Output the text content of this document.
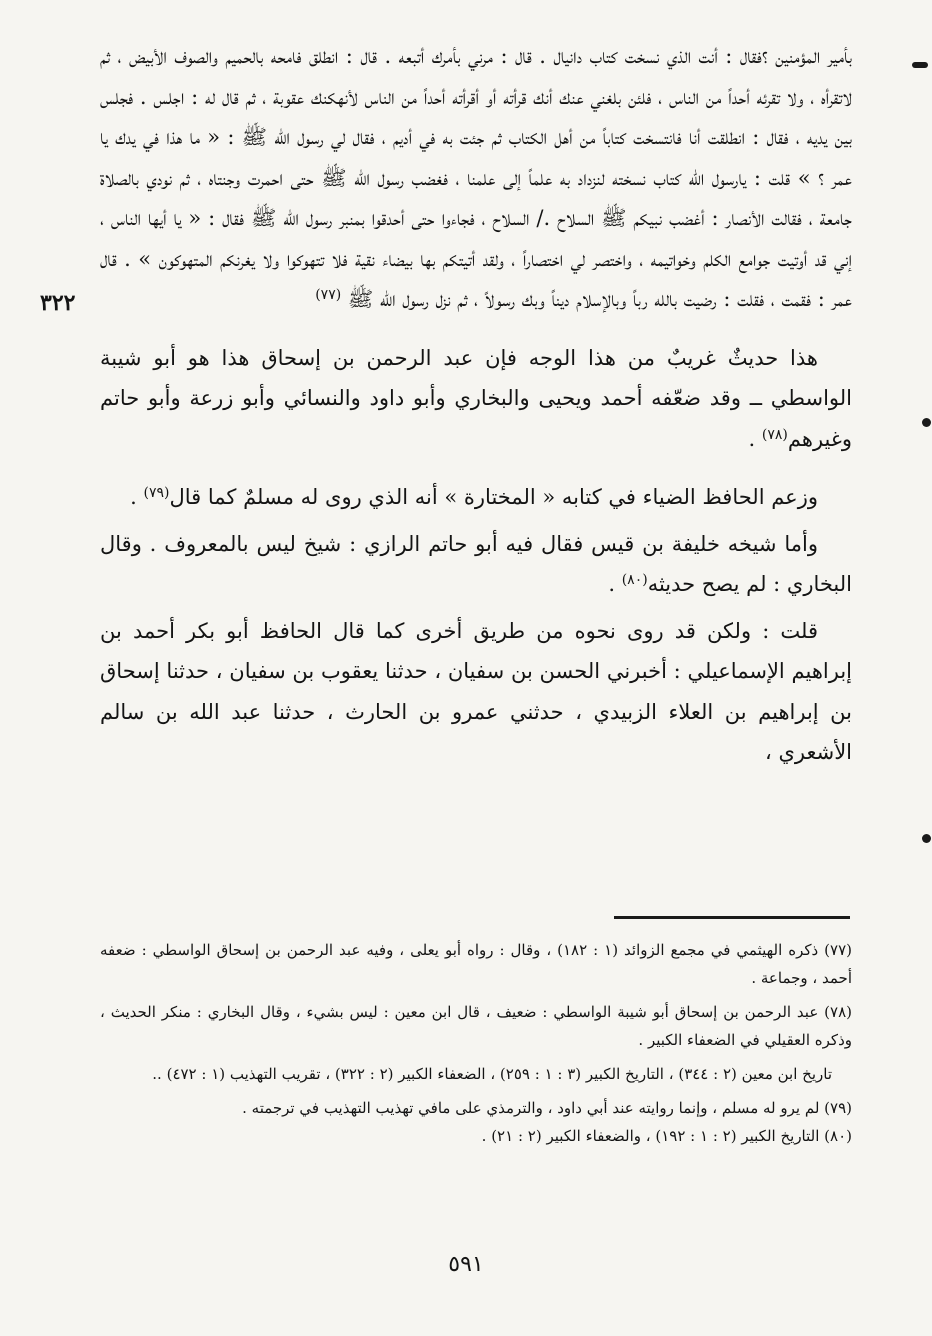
٣٢٢

بأمير المؤمنين ؟فقال : أنت الذي نسخت كتاب دانيال . قال : مرني بأمرك أتبعه . قال : انطلق فامحه بالحميم والصوف الأبيض ، ثم لاتقرأه ، ولا تقرئه أحداً من الناس ، فلئن بلغني عنك أنك قرأته أو أقرأته أحداً من الناس لأنهكنك عقوبة ، ثم قال له : اجلس . فجلس بين يديه ، فقال : انطلقت أنا فانتسخت كتاباً من أهل الكتاب ثم جئت به في أديم ، فقال لي رسول الله ﷺ : « ما هذا في يدك يا عمر ؟ » قلت : يارسول الله كتاب نسخته لنزداد به علماً إلى علمنا ، فغضب رسول الله ﷺ حتى احمرت وجنتاه ، ثم نودي بالصلاة جامعة ، فقالت الأنصار : أغضب نبيكم ﷺ السلاح ./ السلاح ، فجاءوا حتى أحدقوا بمنبر رسول الله ﷺ فقال : « يا أيها الناس ، إني قد أوتيت جوامع الكلم وخواتيمه ، واختصر لي اختصاراً ، ولقد أتيتكم بها بيضاء نقية فلا تتهوكوا ولا يغرنكم المتهوكون » . قال عمر : فقمت ، فقلت : رضيت بالله رباً وبالإسلام ديناً وبك رسولاً ، ثم نزل رسول الله ﷺ $^{(٧٧)}$

هذا حديثٌ غريبٌ من هذا الوجه فإن عبد الرحمن بن إسحاق هذا هو أبو شيبة الواسطي ــ وقد ضعّفه أحمد ويحيى والبخاري وأبو داود والنسائي وأبو زرعة وأبو حاتم وغيرهم$^{(٧٨)}$ .

وزعم الحافظ الضياء في كتابه « المختارة » أنه الذي روى له مسلمٌ كما قال$^{(٧٩)}$ .

وأما شيخه خليفة بن قيس فقال فيه أبو حاتم الرازي : شيخ ليس بالمعروف . وقال البخاري : لم يصح حديثه$^{(٨٠)}$ .

قلت : ولكن قد روى نحوه من طريق أخرى كما قال الحافظ أبو بكر أحمد بن إبراهيم الإسماعيلي : أخبرني الحسن بن سفيان ، حدثنا يعقوب بن سفيان ، حدثنا إسحاق بن إبراهيم بن العلاء الزبيدي ، حدثني عمرو بن الحارث ، حدثنا عبد الله بن سالم الأشعري ،

(٧٧) ذكره الهيثمي في مجمع الزوائد (١ : ١٨٢) ، وقال : رواه أبو يعلى ، وفيه عبد الرحمن بن إسحاق الواسطي : ضعفه أحمد ، وجماعة .

(٧٨) عبد الرحمن بن إسحاق أبو شيبة الواسطي : ضعيف ، قال ابن معين : ليس بشيء ، وقال البخاري : منكر الحديث ، وذكره العقيلي في الضعفاء الكبير .

تاريخ ابن معين (٢ : ٣٤٤) ، التاريخ الكبير (٣ : ١ : ٢٥٩) ، الضعفاء الكبير (٢ : ٣٢٢) ، تقريب التهذيب (١ : ٤٧٢) ..

(٧٩) لم يرو له مسلم ، وإنما روايته عند أبي داود ، والترمذي على مافي تهذيب التهذيب في ترجمته .

(٨٠) التاريخ الكبير (٢ : ١ : ١٩٢) ، والضعفاء الكبير (٢ : ٢١) .

٥٩١
